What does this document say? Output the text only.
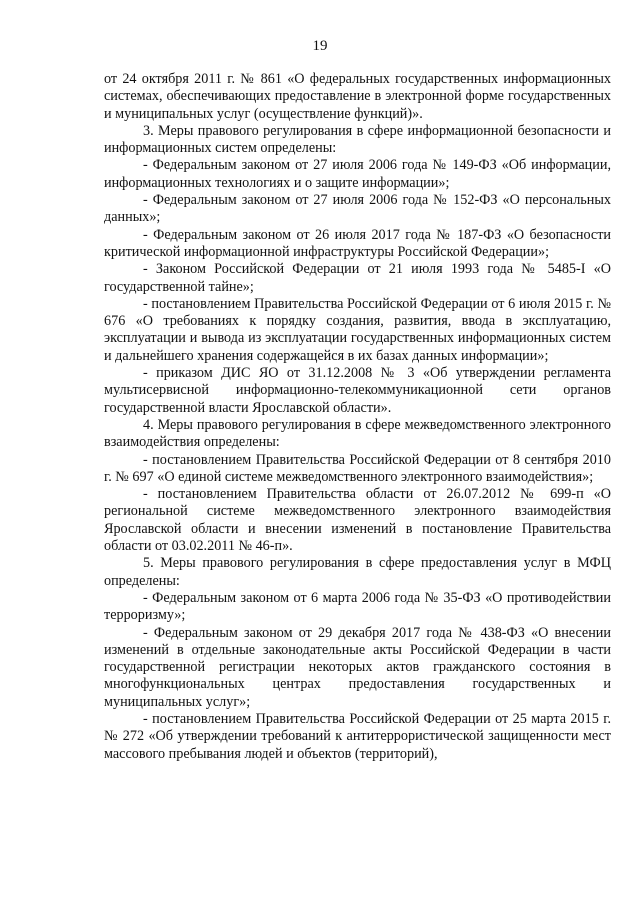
19

от 24 октября 2011 г. № 861 «О федеральных государственных информационных системах, обеспечивающих предоставление в электронной форме государственных и муниципальных услуг (осуществление функций)».

3. Меры правового регулирования в сфере информационной безопасности и информационных систем определены:

- Федеральным законом от 27 июля 2006 года № 149-ФЗ «Об информации, информационных технологиях и о защите информации»;

- Федеральным законом от 27 июля 2006 года № 152-ФЗ «О персональных данных»;

- Федеральным законом от 26 июля 2017 года № 187-ФЗ «О безопасности критической информационной инфраструктуры Российской Федерации»;

- Законом Российской Федерации от 21 июля 1993 года № 5485-I «О государственной тайне»;

- постановлением Правительства Российской Федерации от 6 июля 2015 г. № 676 «О требованиях к порядку создания, развития, ввода в эксплуатацию, эксплуатации и вывода из эксплуатации государственных информационных систем и дальнейшего хранения содержащейся в их базах данных информации»;

- приказом ДИС ЯО от 31.12.2008 № 3 «Об утверждении регламента мультисервисной информационно-телекоммуникационной сети органов государственной власти Ярославской области».

4. Меры правового регулирования в сфере межведомственного электронного взаимодействия определены:

- постановлением Правительства Российской Федерации от 8 сентября 2010 г. № 697 «О единой системе межведомственного электронного взаимодействия»;

- постановлением Правительства области от 26.07.2012 № 699-п «О региональной системе межведомственного электронного взаимодействия Ярославской области и внесении изменений в постановление Правительства области от 03.02.2011 № 46-п».

5. Меры правового регулирования в сфере предоставления услуг в МФЦ определены:

- Федеральным законом от 6 марта 2006 года № 35-ФЗ «О противодействии терроризму»;

- Федеральным законом от 29 декабря 2017 года № 438-ФЗ «О внесении изменений в отдельные законодательные акты Российской Федерации в части государственной регистрации некоторых актов гражданского состояния в многофункциональных центрах предоставления государственных и муниципальных услуг»;

- постановлением Правительства Российской Федерации от 25 марта 2015 г. № 272 «Об утверждении требований к антитеррористической защищенности мест массового пребывания людей и объектов (территорий),
